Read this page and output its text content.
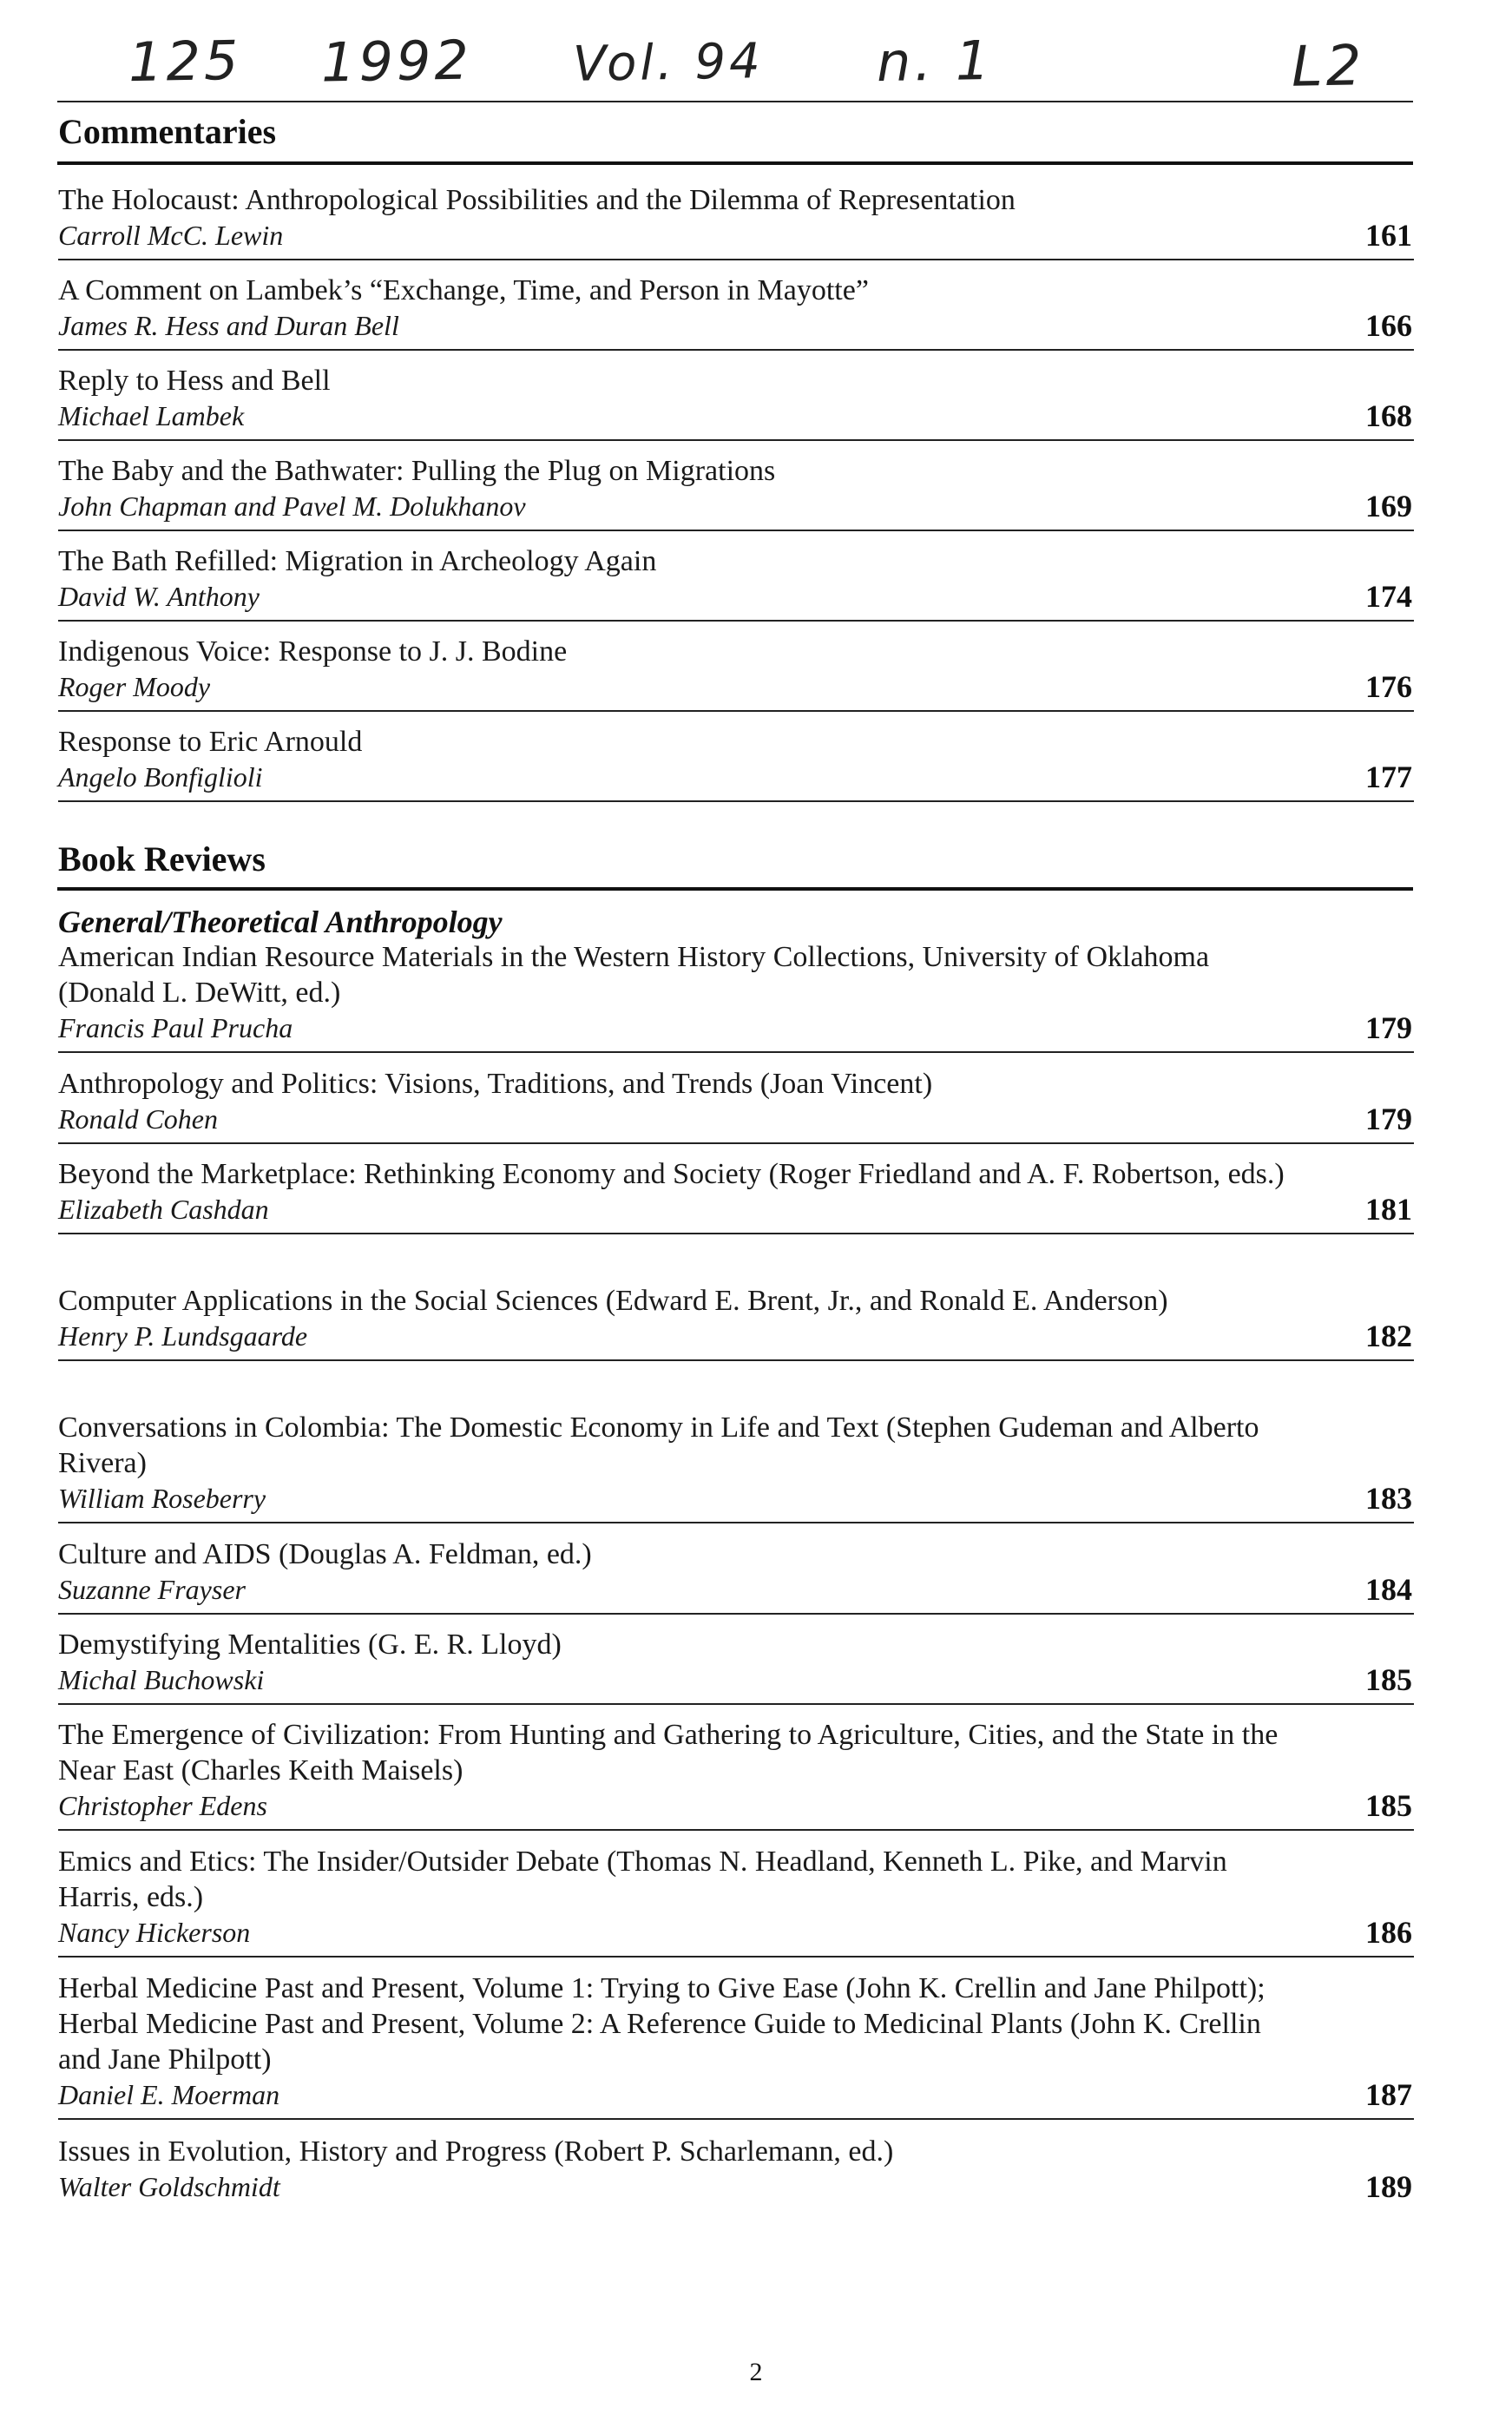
125 1992 Vol. 94 n. 1	L2
Commentaries
The Holocaust: Anthropological Possibilities and the Dilemma of Representation
Carroll McC. Lewin	161
A Comment on Lambek’s “Exchange, Time, and Person in Mayotte”
James R. Hess and Duran Bell	166
Reply to Hess and Bell
Michael Lambek	168
The Baby and the Bathwater: Pulling the Plug on Migrations
John Chapman and Pavel M. Dolukhanov	169
The Bath Refilled: Migration in Archeology Again
David W. Anthony	174
Indigenous Voice: Response to J. J. Bodine
Roger Moody	176
Response to Eric Arnould
Angelo Bonfiglioli	177
Book Reviews
General/Theoretical Anthropology
American Indian Resource Materials in the Western History Collections, University of Oklahoma (Donald L. DeWitt, ed.)
Francis Paul Prucha	179
Anthropology and Politics: Visions, Traditions, and Trends (Joan Vincent)
Ronald Cohen	179
Beyond the Marketplace: Rethinking Economy and Society (Roger Friedland and A. F. Robertson, eds.)
Elizabeth Cashdan	181
Computer Applications in the Social Sciences (Edward E. Brent, Jr., and Ronald E. Anderson)
Henry P. Lundsgaarde	182
Conversations in Colombia: The Domestic Economy in Life and Text (Stephen Gudeman and Alberto Rivera)
William Roseberry	183
Culture and AIDS (Douglas A. Feldman, ed.)
Suzanne Frayser	184
Demystifying Mentalities (G. E. R. Lloyd)
Michal Buchowski	185
The Emergence of Civilization: From Hunting and Gathering to Agriculture, Cities, and the State in the Near East (Charles Keith Maisels)
Christopher Edens	185
Emics and Etics: The Insider/Outsider Debate (Thomas N. Headland, Kenneth L. Pike, and Marvin Harris, eds.)
Nancy Hickerson	186
Herbal Medicine Past and Present, Volume 1: Trying to Give Ease (John K. Crellin and Jane Philpott); Herbal Medicine Past and Present, Volume 2: A Reference Guide to Medicinal Plants (John K. Crellin and Jane Philpott)
Daniel E. Moerman	187
Issues in Evolution, History and Progress (Robert P. Scharlemann, ed.)
Walter Goldschmidt	189
2
